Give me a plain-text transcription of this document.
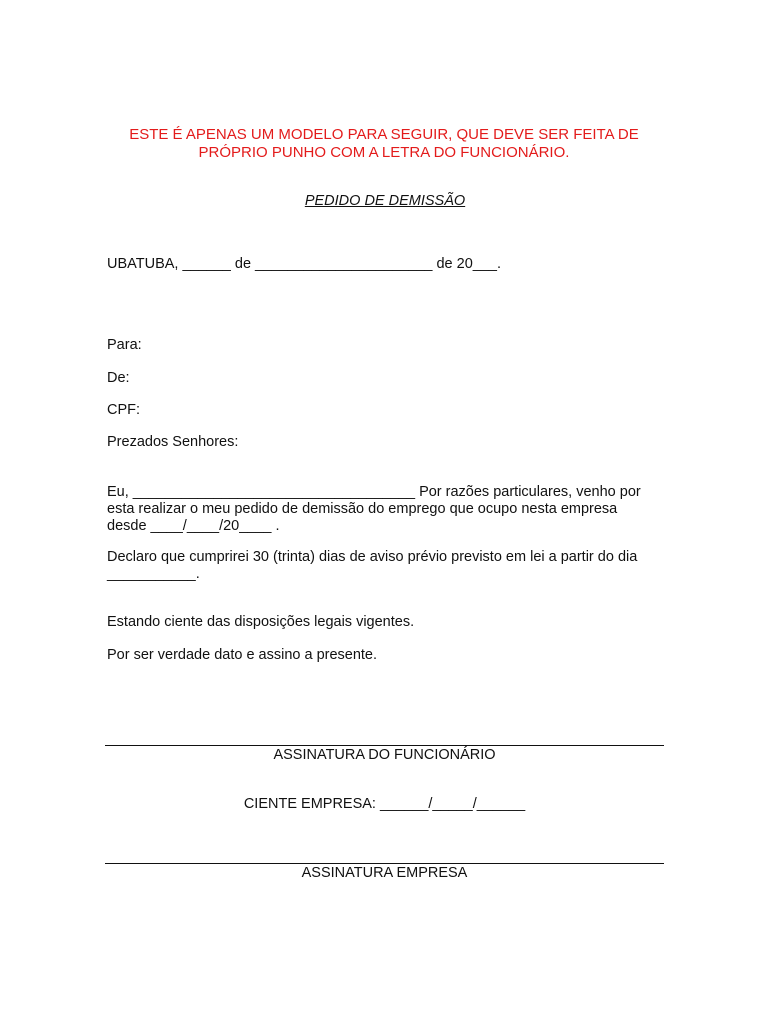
ESTE É APENAS UM MODELO PARA SEGUIR, QUE DEVE SER FEITA DE
PRÓPRIO PUNHO COM A LETRA DO FUNCIONÁRIO.
PEDIDO DE DEMISSÃO
UBATUBA, ______ de ______________________ de 20___.
Para:
De:
CPF:
Prezados Senhores:

Eu, ___________________________________ Por razões particulares, venho por

esta realizar o meu pedido de demissão do emprego que ocupo nesta empresa

desde ____/____/20____ .

Declaro que cumprirei 30 (trinta) dias de aviso prévio previsto em lei a partir do dia

___________.

Estando ciente das disposições legais vigentes.
Por ser verdade dato e assino a presente.
ASSINATURA DO FUNCIONÁRIO
CIENTE EMPRESA: ______/_____/______
ASSINATURA EMPRESA
